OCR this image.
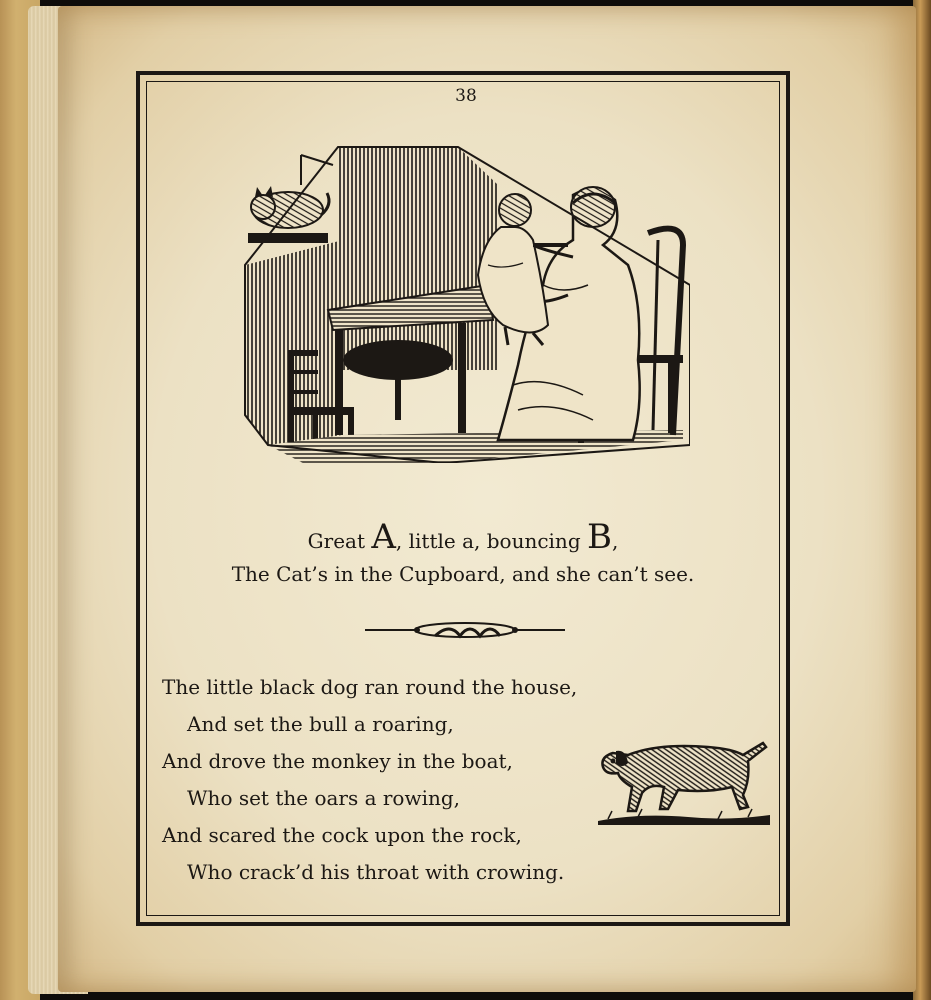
38
Great A, little a, bouncing B,
The Cat’s in the Cupboard, and she can’t see.
The little black dog ran round the house,
And set the bull a roaring,
And drove the monkey in the boat,
Who set the oars a rowing,
And scared the cock upon the rock,
Who crack’d his throat with crowing.
